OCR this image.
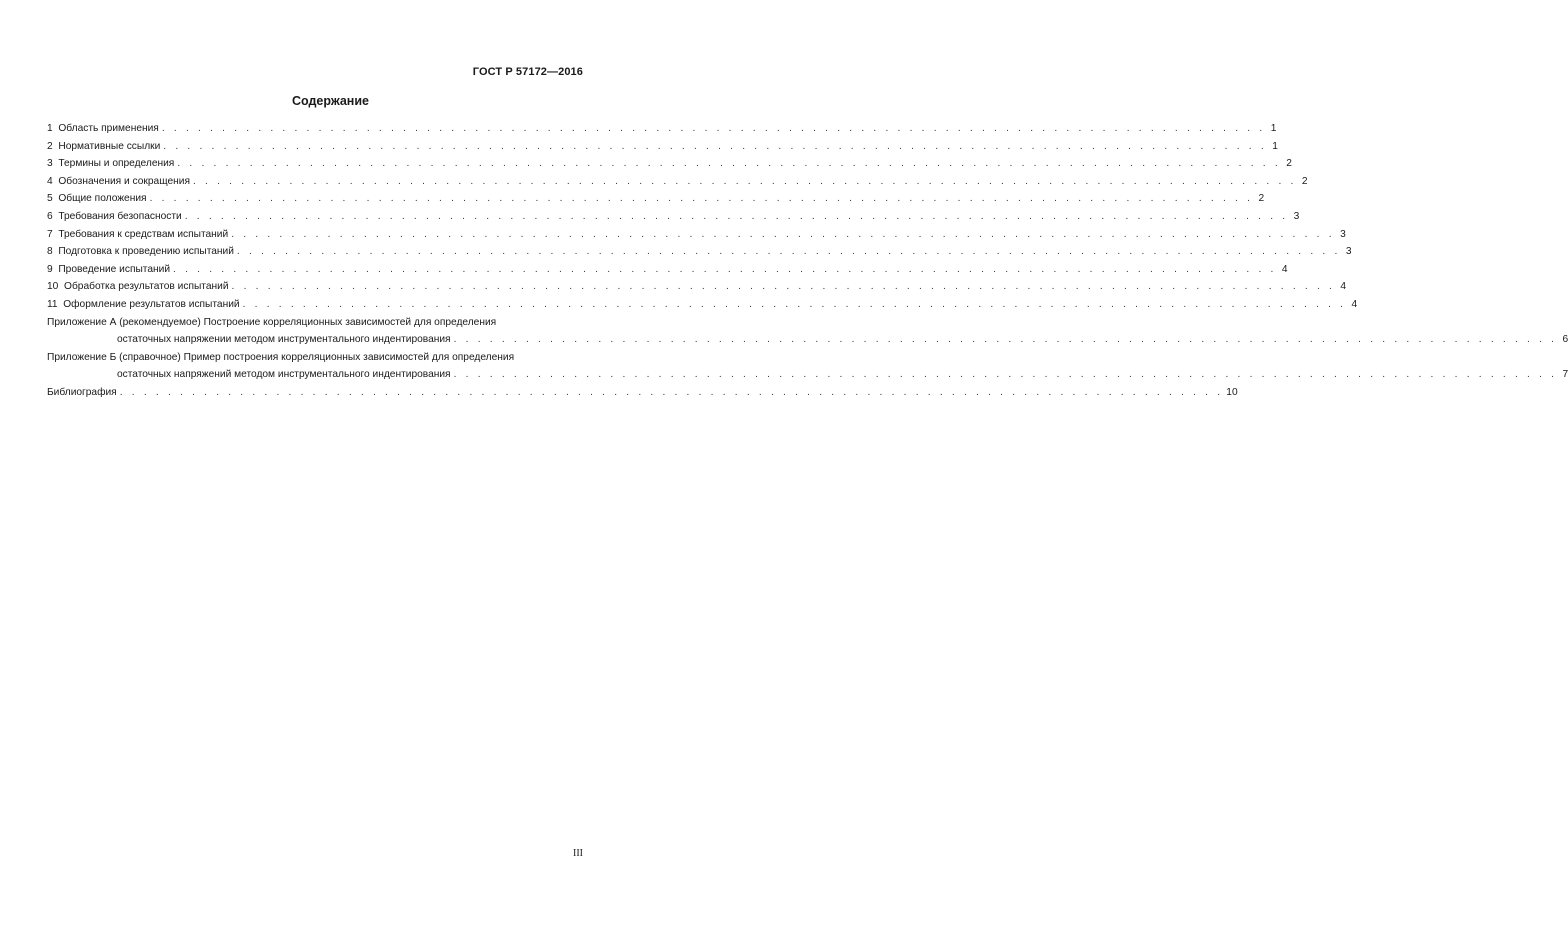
ГОСТ Р 57172—2016
Содержание
1
Область применения . . . . . . . . . . . . . . . . . . . . . . . . . . . . . . . . . . . . . . . . . . . . . . . . . . . . . . . . . . . . . . . . . . . . . . . . . . . . . . . . . . . . . . . . . . . . 1
2
Нормативные ссылки . . . . . . . . . . . . . . . . . . . . . . . . . . . . . . . . . . . . . . . . . . . . . . . . . . . . . . . . . . . . . . . . . . . . . . . . . . . . . . . . . . . . . . . . . . . . 1
3
Термины и определения . . . . . . . . . . . . . . . . . . . . . . . . . . . . . . . . . . . . . . . . . . . . . . . . . . . . . . . . . . . . . . . . . . . . . . . . . . . . . . . . . . . . . . . . . . . . 2
4
Обозначения и сокращения . . . . . . . . . . . . . . . . . . . . . . . . . . . . . . . . . . . . . . . . . . . . . . . . . . . . . . . . . . . . . . . . . . . . . . . . . . . . . . . . . . . . . . . . . . . . 2
5
Общие положения . . . . . . . . . . . . . . . . . . . . . . . . . . . . . . . . . . . . . . . . . . . . . . . . . . . . . . . . . . . . . . . . . . . . . . . . . . . . . . . . . . . . . . . . . . . . 2
6
Требования безопасности . . . . . . . . . . . . . . . . . . . . . . . . . . . . . . . . . . . . . . . . . . . . . . . . . . . . . . . . . . . . . . . . . . . . . . . . . . . . . . . . . . . . . . . . . . . . 3
7
Требования к средствам испытаний . . . . . . . . . . . . . . . . . . . . . . . . . . . . . . . . . . . . . . . . . . . . . . . . . . . . . . . . . . . . . . . . . . . . . . . . . . . . . . . . . . . . . . . . . . . . 3
8
Подготовка к проведению испытаний . . . . . . . . . . . . . . . . . . . . . . . . . . . . . . . . . . . . . . . . . . . . . . . . . . . . . . . . . . . . . . . . . . . . . . . . . . . . . . . . . . . . . . . . . . . . 3
9
Проведение испытаний . . . . . . . . . . . . . . . . . . . . . . . . . . . . . . . . . . . . . . . . . . . . . . . . . . . . . . . . . . . . . . . . . . . . . . . . . . . . . . . . . . . . . . . . . . . . 4
10
Обработка результатов испытаний . . . . . . . . . . . . . . . . . . . . . . . . . . . . . . . . . . . . . . . . . . . . . . . . . . . . . . . . . . . . . . . . . . . . . . . . . . . . . . . . . . . . . . . . . . . . 4
11
Оформление результатов испытаний . . . . . . . . . . . . . . . . . . . . . . . . . . . . . . . . . . . . . . . . . . . . . . . . . . . . . . . . . . . . . . . . . . . . . . . . . . . . . . . . . . . . . . . . . . . . 4
Приложение А (рекомендуемое) Построение корреляционных зависимостей для определения
остаточных напряжении методом инструментального индентирования . . . . . . . . . . . . . . . . . . . . . . . . . . . . . . . . . . . . . . . . . . . . . . . . . . . . . . . . . . . . . . . . . . . . . . . . . . . . . . . . . . . . . . . . . . . . 6
Приложение Б (справочное) Пример построения корреляционных зависимостей для определения
остаточных напряжений методом инструментального индентирования . . . . . . . . . . . . . . . . . . . . . . . . . . . . . . . . . . . . . . . . . . . . . . . . . . . . . . . . . . . . . . . . . . . . . . . . . . . . . . . . . . . . . . . . . . . . 7
Библиография . . . . . . . . . . . . . . . . . . . . . . . . . . . . . . . . . . . . . . . . . . . . . . . . . . . . . . . . . . . . . . . . . . . . . . . . . . . . . . . . . . . . . . . . . . . . 10
III
